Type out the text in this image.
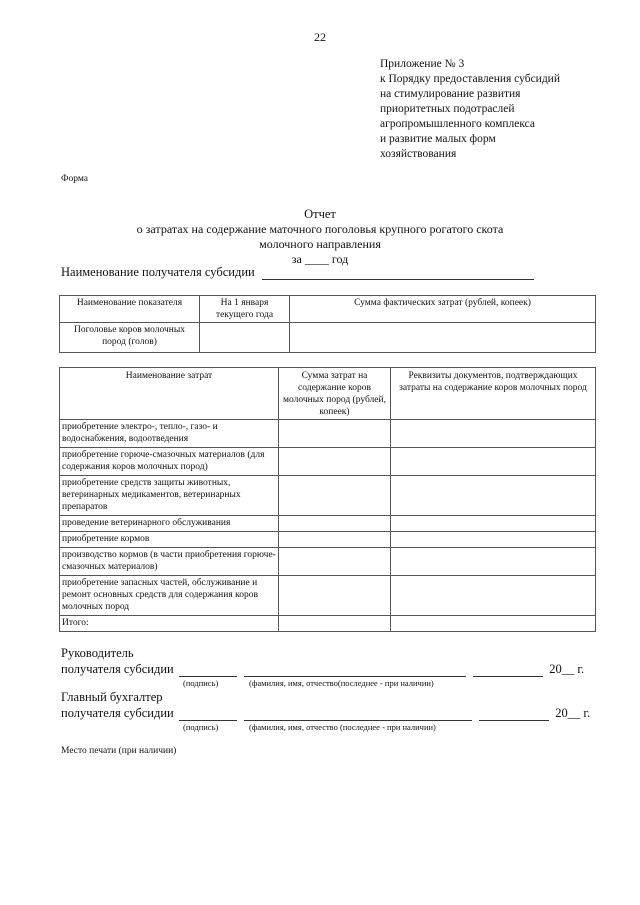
22
Приложение № 3
к Порядку предоставления субсидий
на стимулирование развития
приоритетных подотраслей
агропромышленного комплекса
и развитие малых форм
хозяйствования
Форма
Отчет
о затратах на содержание маточного поголовья крупного рогатого скота
молочного направления
за ____ год
Наименование получателя субсидии
Наименование показателя	На 1 января текущего года	Сумма фактических затрат (рублей, копеек)
Поголовье коров молочных пород (голов)		
Наименование затрат	Сумма затрат на содержание коров молочных пород (рублей, копеек)	Реквизиты документов, подтверждающих затраты на содержание коров молочных пород
приобретение электро-, тепло-, газо- и водоснабжения, водоотведения		
приобретение горюче-смазочных материалов (для содержания коров молочных пород)		
приобретение средств защиты животных, ветеринарных медикаментов, ветеринарных препаратов		
проведение ветеринарного обслуживания		
приобретение кормов		
производство кормов (в части приобретения горюче-смазочных материалов)		
приобретение запасных частей, обслуживание и ремонт основных средств для содержания коров молочных пород		
Итого:		
Руководитель
получателя субсидии	20__ г.
(подпись)	(фамилия, имя, отчество(последнее - при наличии)
Главный бухгалтер
получателя субсидии	20__ г.
(подпись)	(фамилия, имя, отчество (последнее - при наличии)
Место печати (при наличии)
